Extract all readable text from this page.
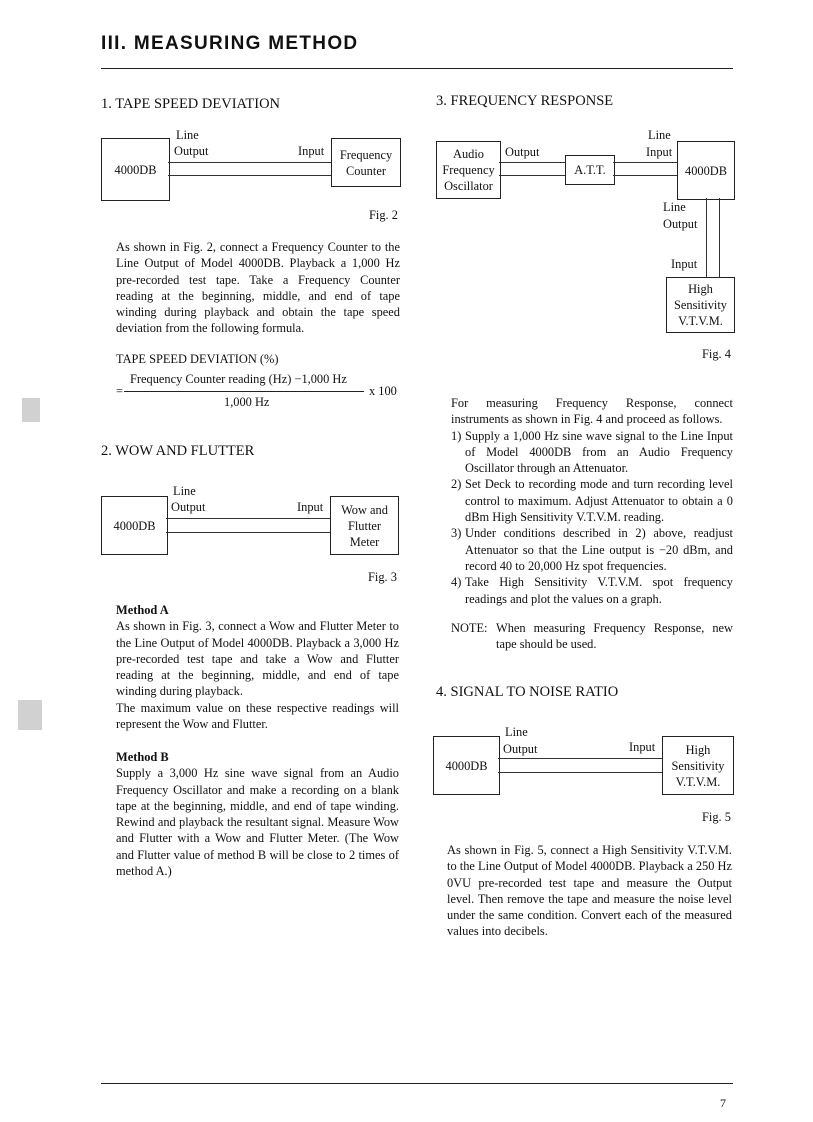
III. MEASURING METHOD
1. TAPE SPEED DEVIATION
4000DB
Line
Output	Input Frequency
Counter
Fig. 2

As shown in Fig. 2, connect a Frequency Counter to the Line Output of Model 4000DB. Playback a 1,000 Hz pre-recorded test tape. Take a Frequency Counter reading at the beginning, middle, and end of tape winding during playback and obtain the tape speed deviation from the following formula.

TAPE SPEED DEVIATION (%)
=
Frequency Counter reading (Hz) −1,000 Hz
1,000 Hz
x 100
2. WOW AND FLUTTER
4000DB
Line
Output	Input Wow and
Flutter
Meter
Fig. 3

Method A

As shown in Fig. 3, connect a Wow and Flutter Meter to the Line Output of Model 4000DB. Playback a 3,000 Hz pre-recorded test tape and take a Wow and Flutter reading at the beginning, middle, and end of tape winding during playback.

The maximum value on these respective readings will represent the Wow and Flutter.

Method B

Supply a 3,000 Hz sine wave signal from an Audio Frequency Oscillator and make a recording on a blank tape at the beginning, middle, and end of tape winding. Rewind and playback the resultant signal. Measure Wow and Flutter with a Wow and Flutter Meter. (The Wow and Flutter value of method B will be close to 2 times of method A.)

3. FREQUENCY RESPONSE
Audio
Frequency
Oscillator
Output
A.T.T.
Line
Input
4000DB
Line
Output
Input
High
Sensitivity
V.T.V.M.
Fig. 4

For measuring Frequency Response, connect instruments as shown in Fig. 4 and proceed as follows.

1) Supply a 1,000 Hz sine wave signal to the Line Input of Model 4000DB from an Audio Frequency Oscillator through an Attenuator.
2) Set Deck to recording mode and turn recording level control to maximum. Adjust Attenuator to obtain a 0 dBm High Sensitivity V.T.V.M. reading.
3) Under conditions described in 2) above, readjust Attenuator so that the Line output is −20 dBm, and record 40 to 20,000 Hz spot frequencies.
4) Take High Sensitivity V.T.V.M. spot frequency readings and plot the values on a graph.
NOTE: When measuring Frequency Response, new tape should be used.
4. SIGNAL TO NOISE RATIO
4000DB
Line
Output	Input High
Sensitivity
V.T.V.M.
Fig. 5

As shown in Fig. 5, connect a High Sensitivity V.T.V.M. to the Line Output of Model 4000DB. Playback a 250 Hz 0VU pre-recorded test tape and measure the Output level. Then remove the tape and measure the noise level under the same condition. Convert each of the measured values into decibels.

7
